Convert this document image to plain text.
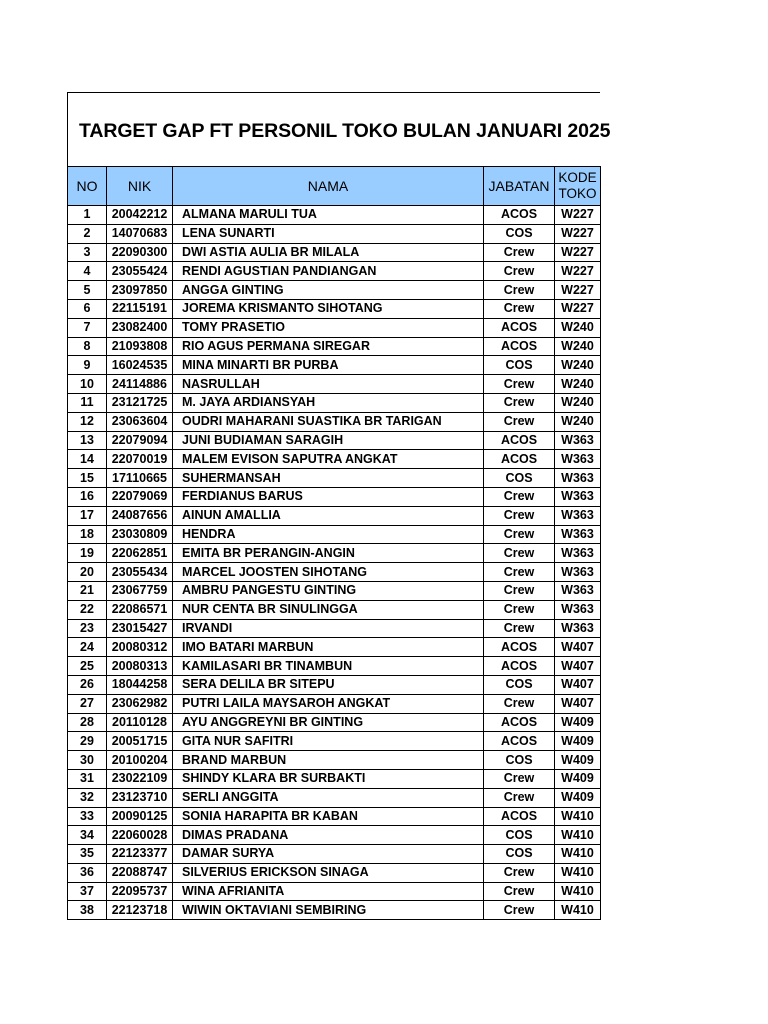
TARGET GAP FT PERSONIL TOKO BULAN JANUARI 2025
NO	NIK	NAMA	JABATAN	KODE
TOKO
1	20042212	ALMANA MARULI TUA	ACOS	W227
2	14070683	LENA SUNARTI	COS	W227
3	22090300	DWI ASTIA AULIA BR MILALA	Crew	W227
4	23055424	RENDI AGUSTIAN PANDIANGAN	Crew	W227
5	23097850	ANGGA GINTING	Crew	W227
6	22115191	JOREMA KRISMANTO SIHOTANG	Crew	W227
7	23082400	TOMY PRASETIO	ACOS	W240
8	21093808	RIO AGUS PERMANA SIREGAR	ACOS	W240
9	16024535	MINA MINARTI BR PURBA	COS	W240
10	24114886	NASRULLAH	Crew	W240
11	23121725	M. JAYA ARDIANSYAH	Crew	W240
12	23063604	OUDRI MAHARANI SUASTIKA BR TARIGAN	Crew	W240
13	22079094	JUNI BUDIAMAN SARAGIH	ACOS	W363
14	22070019	MALEM EVISON SAPUTRA ANGKAT	ACOS	W363
15	17110665	SUHERMANSAH	COS	W363
16	22079069	FERDIANUS BARUS	Crew	W363
17	24087656	AINUN AMALLIA	Crew	W363
18	23030809	HENDRA	Crew	W363
19	22062851	EMITA BR PERANGIN-ANGIN	Crew	W363
20	23055434	MARCEL JOOSTEN SIHOTANG	Crew	W363
21	23067759	AMBRU PANGESTU GINTING	Crew	W363
22	22086571	NUR CENTA BR SINULINGGA	Crew	W363
23	23015427	IRVANDI	Crew	W363
24	20080312	IMO BATARI MARBUN	ACOS	W407
25	20080313	KAMILASARI BR TINAMBUN	ACOS	W407
26	18044258	SERA DELILA BR SITEPU	COS	W407
27	23062982	PUTRI LAILA MAYSAROH ANGKAT	Crew	W407
28	20110128	AYU ANGGREYNI BR GINTING	ACOS	W409
29	20051715	GITA NUR SAFITRI	ACOS	W409
30	20100204	BRAND MARBUN	COS	W409
31	23022109	SHINDY KLARA BR SURBAKTI	Crew	W409
32	23123710	SERLI ANGGITA	Crew	W409
33	20090125	SONIA HARAPITA BR KABAN	ACOS	W410
34	22060028	DIMAS PRADANA	COS	W410
35	22123377	DAMAR SURYA	COS	W410
36	22088747	SILVERIUS ERICKSON SINAGA	Crew	W410
37	22095737	WINA AFRIANITA	Crew	W410
38	22123718	WIWIN OKTAVIANI SEMBIRING	Crew	W410
